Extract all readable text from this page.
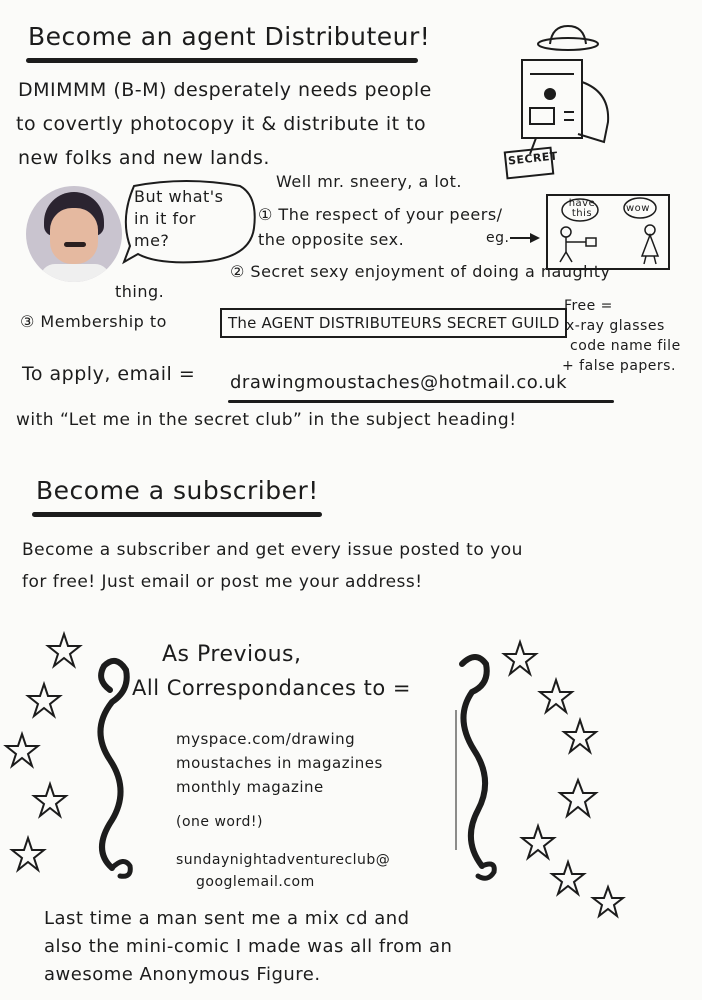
Become an agent Distributeur!
DMIMMM (B-M) desperately needs people
to covertly photocopy it & distribute it to
new folks and new lands.	SECRET
But what's
in it for
me?
Well mr. sneery, a lot.
① The respect of your peers/
the opposite sex.	eg.
have this	wow
② Secret sexy enjoyment of doing a naughty
thing.
③ Membership to	The AGENT DISTRIBUTEURS SECRET GUILD
Free =
x-ray glasses
code name file
+ false papers.
To apply, email = drawingmoustaches@hotmail.co.uk
with “Let me in the secret club” in the subject heading!
Become a subscriber!
Become a subscriber and get every issue posted to you
for free! Just email or post me your address!
As Previous,
All Correspondances to =
myspace.com/drawing
moustaches in magazines
monthly magazine
(one word!)
sundaynightadventureclub@
googlemail.com
Last time a man sent me a mix cd and
also the mini-comic I made was all from an
awesome Anonymous Figure.
